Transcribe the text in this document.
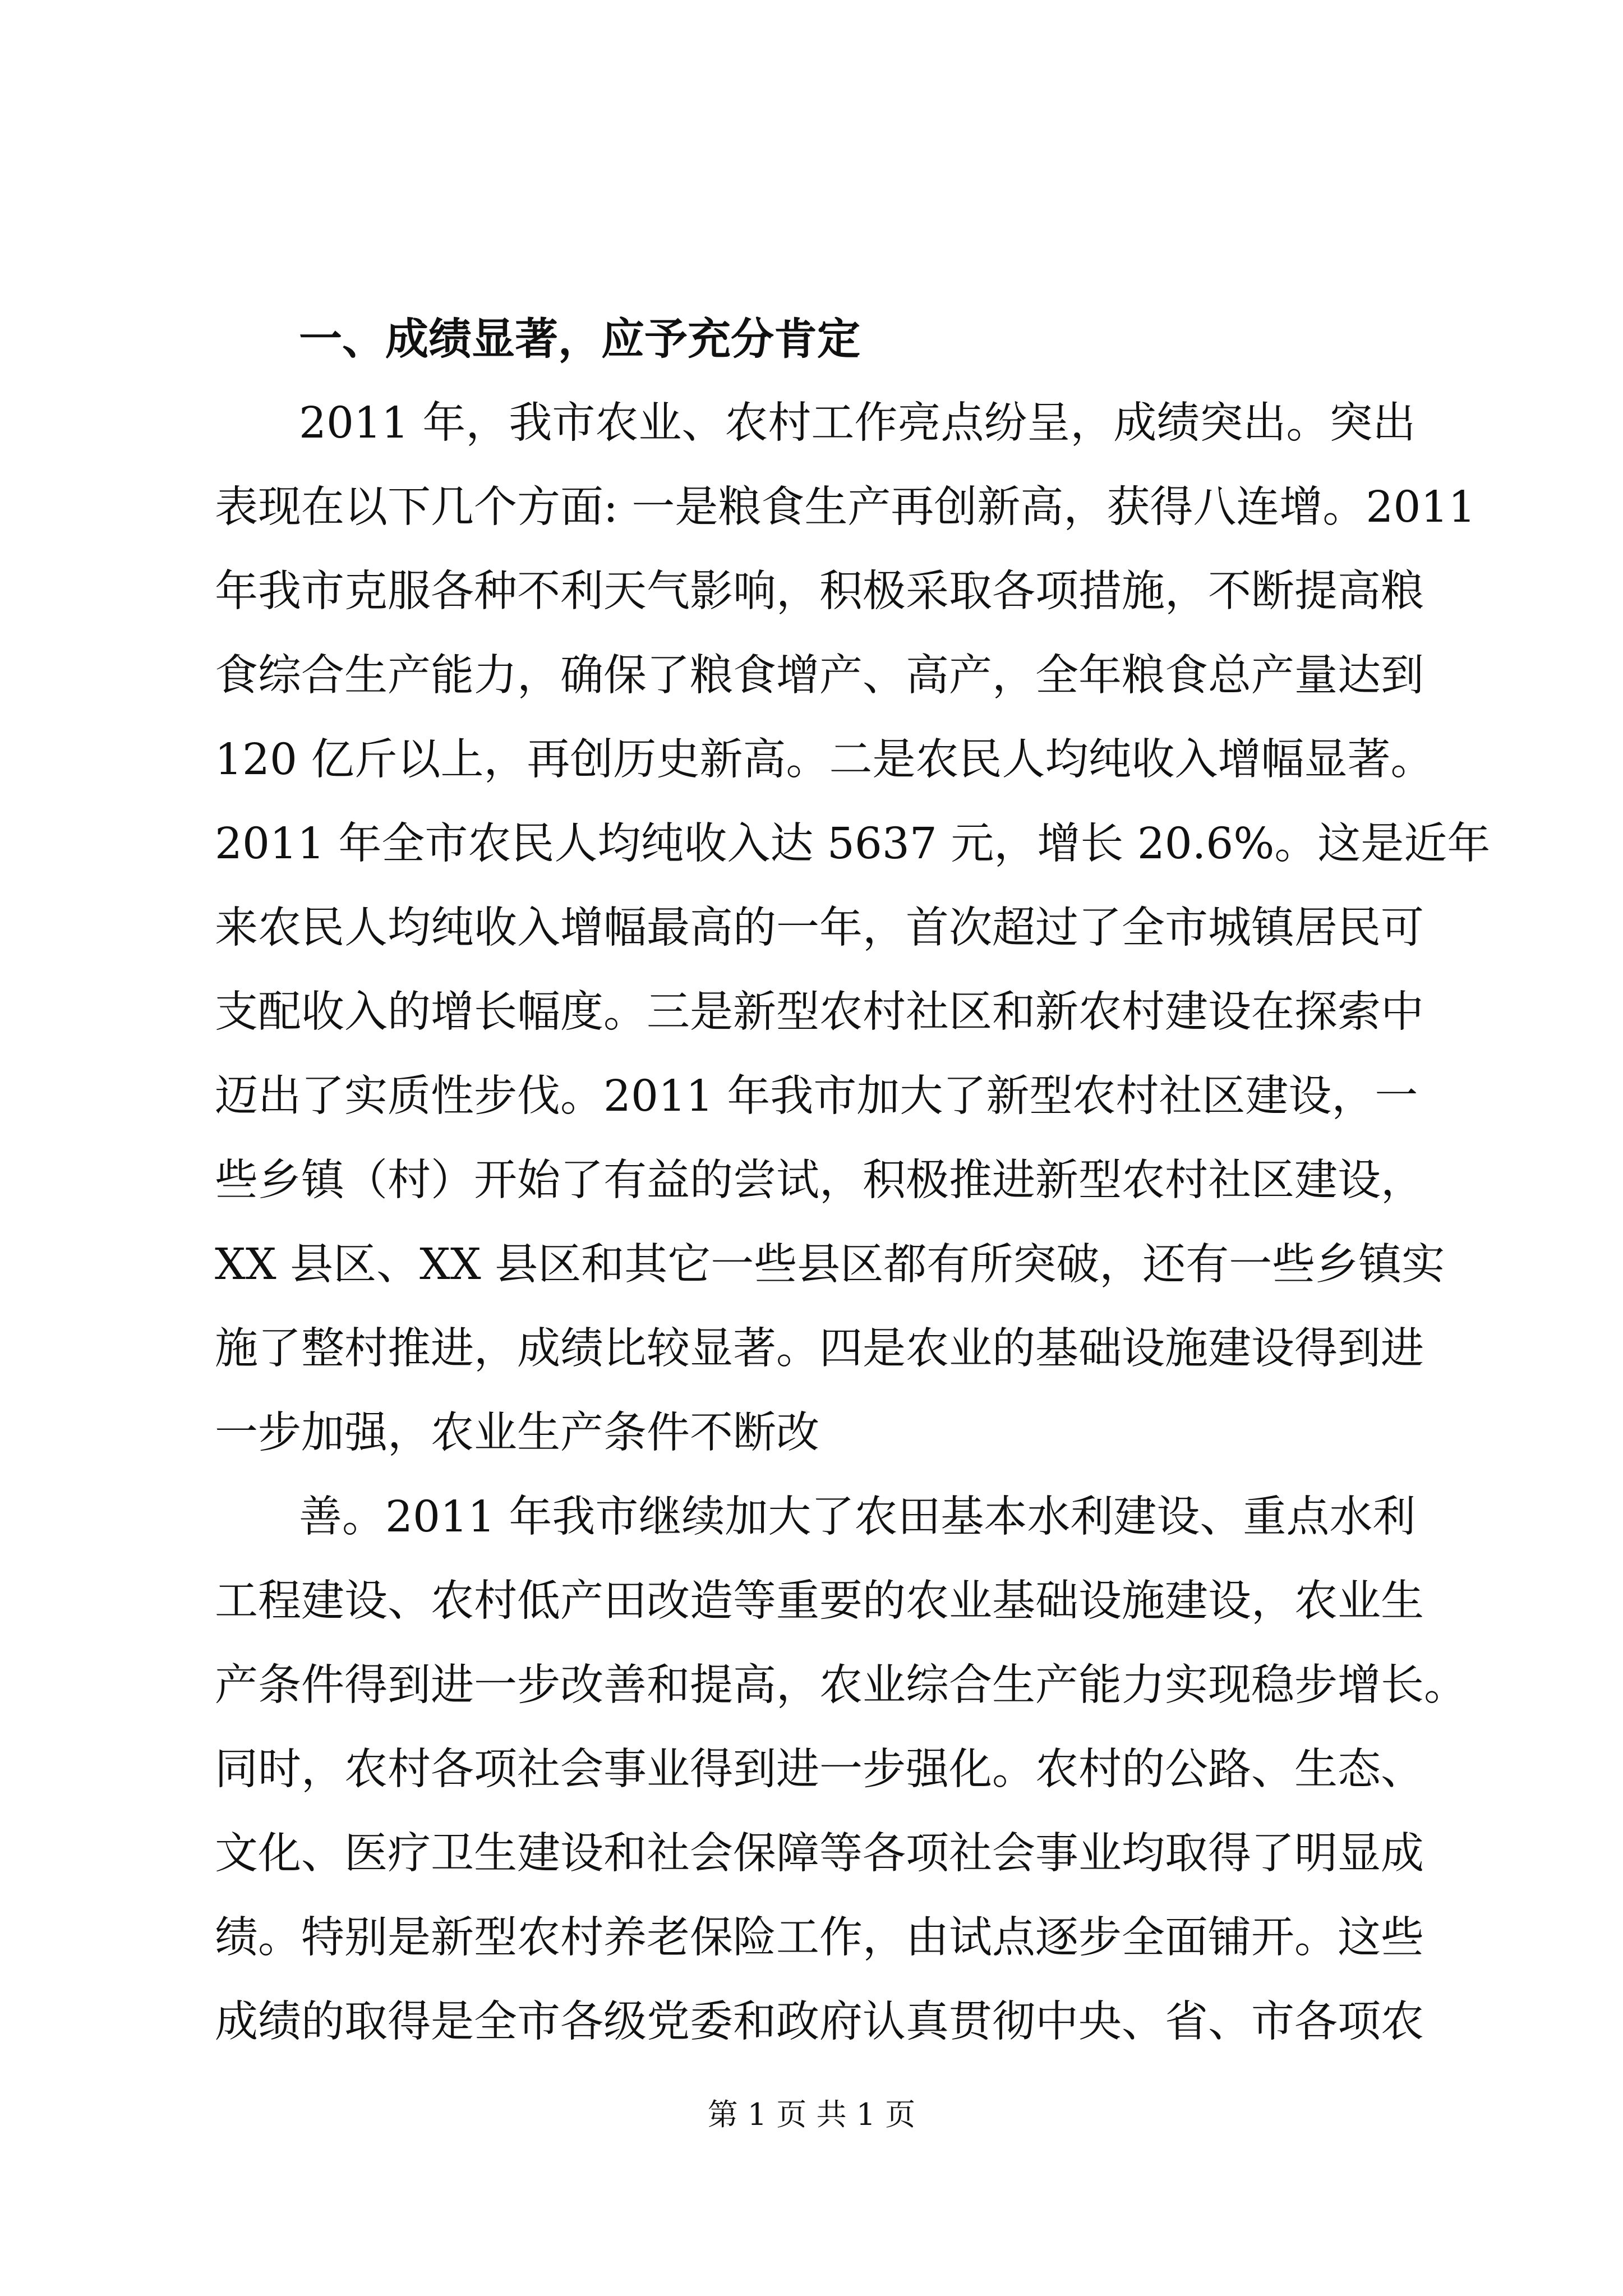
一、成绩显著，应予充分肯定

2011 年，我市农业、农村工作亮点纷呈，成绩突出。突出
表现在以下几个方面: 一是粮食生产再创新高，获得八连增。2011
年我市克服各种不利天气影响，积极采取各项措施，不断提高粮
食综合生产能力，确保了粮食增产、高产，全年粮食总产量达到
120 亿斤以上，再创历史新高。二是农民人均纯收入增幅显著。
2011 年全市农民人均纯收入达 5637 元，增长 20.6%。这是近年
来农民人均纯收入增幅最高的一年，首次超过了全市城镇居民可
支配收入的增长幅度。三是新型农村社区和新农村建设在探索中
迈出了实质性步伐。2011 年我市加大了新型农村社区建设，一
些乡镇（村）开始了有益的尝试，积极推进新型农村社区建设，
XX 县区、XX 县区和其它一些县区都有所突破，还有一些乡镇实
施了整村推进，成绩比较显著。四是农业的基础设施建设得到进
一步加强，农业生产条件不断改

善。2011 年我市继续加大了农田基本水利建设、重点水利
工程建设、农村低产田改造等重要的农业基础设施建设，农业生
产条件得到进一步改善和提高，农业综合生产能力实现稳步增长。
同时，农村各项社会事业得到进一步强化。农村的公路、生态、
文化、医疗卫生建设和社会保障等各项社会事业均取得了明显成
绩。特别是新型农村养老保险工作，由试点逐步全面铺开。这些
成绩的取得是全市各级党委和政府认真贯彻中央、省、市各项农

第 1 页 共 1 页
